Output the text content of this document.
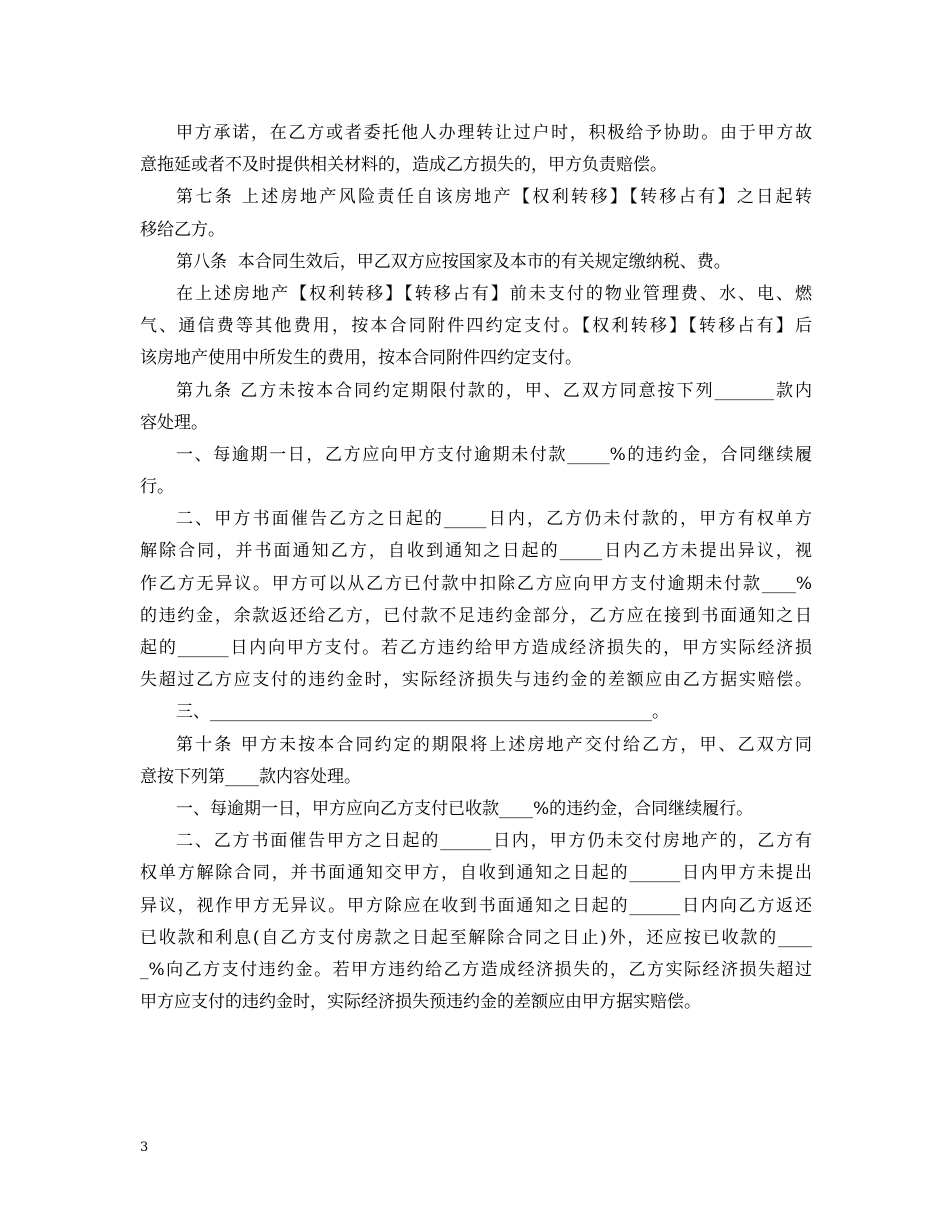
甲方承诺，在乙方或者委托他人办理转让过户时，积极给予协助。由于甲方故
意拖延或者不及时提供相关材料的，造成乙方损失的，甲方负责赔偿。
第七条 上述房地产风险责任自该房地产【权利转移】【转移占有】之日起转
移给乙方。
第八条  本合同生效后，甲乙双方应按国家及本市的有关规定缴纳税、费。
在上述房地产【权利转移】【转移占有】前未支付的物业管理费、水、电、燃
气、通信费等其他费用，按本合同附件四约定支付。【权利转移】【转移占有】后
该房地产使用中所发生的费用，按本合同附件四约定支付。
第九条 乙方未按本合同约定期限付款的，甲、乙双方同意按下列_______款内
容处理。
一、每逾期一日，乙方应向甲方支付逾期未付款_____%的违约金，合同继续履
行。
二、甲方书面催告乙方之日起的_____日内，乙方仍未付款的，甲方有权单方
解除合同，并书面通知乙方，自收到通知之日起的_____日内乙方未提出异议，视
作乙方无异议。甲方可以从乙方已付款中扣除乙方应向甲方支付逾期未付款____%
的违约金，余款返还给乙方，已付款不足违约金部分，乙方应在接到书面通知之日
起的______日内向甲方支付。若乙方违约给甲方造成经济损失的，甲方实际经济损
失超过乙方应支付的违约金时，实际经济损失与违约金的差额应由乙方据实赔偿。
三、____________________________________________________。
第十条 甲方未按本合同约定的期限将上述房地产交付给乙方，甲、乙双方同
意按下列第____款内容处理。
一、每逾期一日，甲方应向乙方支付已收款____%的违约金，合同继续履行。
二、乙方书面催告甲方之日起的______日内，甲方仍未交付房地产的，乙方有
权单方解除合同，并书面通知交甲方，自收到通知之日起的______日内甲方未提出
异议，视作甲方无异议。甲方除应在收到书面通知之日起的______日内向乙方返还
已收款和利息(自乙方支付房款之日起至解除合同之日止)外，还应按已收款的____
_%向乙方支付违约金。若甲方违约给乙方造成经济损失的，乙方实际经济损失超过
甲方应支付的违约金时，实际经济损失预违约金的差额应由甲方据实赔偿。
3
